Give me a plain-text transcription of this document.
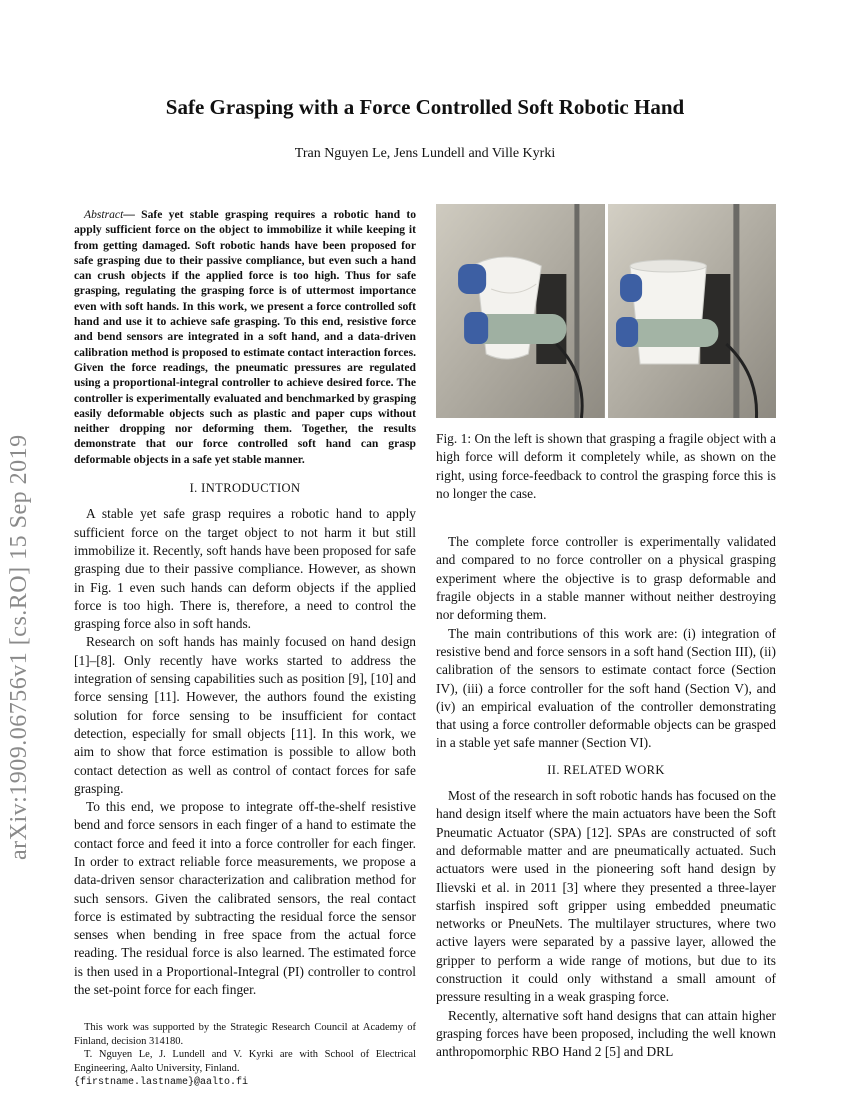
arXiv:1909.06756v1 [cs.RO] 15 Sep 2019
Safe Grasping with a Force Controlled Soft Robotic Hand
Tran Nguyen Le, Jens Lundell and Ville Kyrki

Abstract— Safe yet stable grasping requires a robotic hand to apply sufficient force on the object to immobilize it while keeping it from getting damaged. Soft robotic hands have been proposed for safe grasping due to their passive compliance, but even such a hand can crush objects if the applied force is too high. Thus for safe grasping, regulating the grasping force is of uttermost importance even with soft hands. In this work, we present a force controlled soft hand and use it to achieve safe grasping. To this end, resistive force and bend sensors are integrated in a soft hand, and a data-driven calibration method is proposed to estimate contact interaction forces. Given the force readings, the pneumatic pressures are regulated using a proportional-integral controller to achieve desired force. The controller is experimentally evaluated and benchmarked by grasping easily deformable objects such as plastic and paper cups without neither dropping nor deforming them. Together, the results demonstrate that our force controlled soft hand can grasp deformable objects in a safe yet stable manner.

I. INTRODUCTION

A stable yet safe grasp requires a robotic hand to apply sufficient force on the target object to not harm it but still immobilize it. Recently, soft hands have been proposed for safe grasping due to their passive compliance. However, as shown in Fig. 1 even such hands can deform objects if the applied force is too high. There is, therefore, a need to control the grasping force also in soft hands.

Research on soft hands has mainly focused on hand design [1]–[8]. Only recently have works started to address the integration of sensing capabilities such as position [9], [10] and force sensing [11]. However, the authors found the existing solution for force sensing to be insufficient for contact detection, especially for small objects [11]. In this work, we aim to show that force estimation is possible to allow both contact detection as well as control of contact forces for safe grasping.

To this end, we propose to integrate off-the-shelf resistive bend and force sensors in each finger of a hand to estimate the contact force and feed it into a force controller for each finger. In order to extract reliable force measurements, we propose a data-driven sensor characterization and calibration method for such sensors. Given the calibrated sensors, the real contact force is estimated by subtracting the residual force the sensor senses when bending in free space from the actual force reading. The residual force is also learned. The estimated force is then used in a Proportional-Integral (PI) controller to control the set-point force for each finger.

This work was supported by the Strategic Research Council at Academy of Finland, decision 314180.

T. Nguyen Le, J. Lundell and V. Kyrki are with School of Electrical Engineering, Aalto University, Finland.

{firstname.lastname}@aalto.fi

Fig. 1: On the left is shown that grasping a fragile object with a high force will deform it completely while, as shown on the right, using force-feedback to control the grasping force this is no longer the case.

The complete force controller is experimentally validated and compared to no force controller on a physical grasping experiment where the objective is to grasp deformable and fragile objects in a stable manner without neither destroying nor deforming them.

The main contributions of this work are: (i) integration of resistive bend and force sensors in a soft hand (Section III), (ii) calibration of the sensors to estimate contact force (Section IV), (iii) a force controller for the soft hand (Section V), and (iv) an empirical evaluation of the controller demonstrating that using a force controller deformable objects can be grasped in a stable yet safe manner (Section VI).

II. RELATED WORK

Most of the research in soft robotic hands has focused on the hand design itself where the main actuators have been the Soft Pneumatic Actuator (SPA) [12]. SPAs are constructed of soft and deformable matter and are pneumatically actuated. Such actuators were used in the pioneering soft hand design by Ilievski et al. in 2011 [3] where they presented a three-layer starfish inspired soft gripper using embedded pneumatic networks or PneuNets. The multilayer structures, where two active layers were separated by a passive layer, allowed the gripper to perform a wide range of motions, but due to its construction it could only withstand a small amount of pressure resulting in a weak grasping force.

Recently, alternative soft hand designs that can attain higher grasping forces have been proposed, including the well known anthropomorphic RBO Hand 2 [5] and DRL
